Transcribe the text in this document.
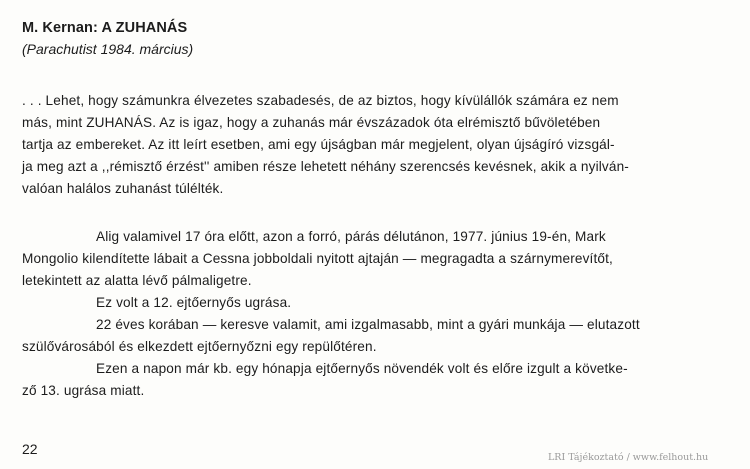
M. Kernan: A ZUHANÁS
(Parachutist 1984. március)
. . . Lehet, hogy számunkra élvezetes szabadesés, de az biztos, hogy kívülállók számára ez nem
más, mint ZUHANÁS. Az is igaz, hogy a zuhanás már évszázadok óta elrémisztő bűvöletében
tartja az embereket. Az itt leírt esetben, ami egy újságban már megjelent, olyan újságíró vizsgál-
ja meg azt a ,,rémisztő érzést'' amiben része lehetett néhány szerencsés kevésnek, akik a nyilván-
valóan halálos zuhanást túlélték.
Alig valamivel 17 óra előtt, azon a forró, párás délutánon, 1977. június 19-én, Mark
Mongolio kilendítette lábait a Cessna jobboldali nyitott ajtaján — megragadta a szárnymerevítőt,
letekintett az alatta lévő pálmaligetre.
Ez volt a 12. ejtőernyős ugrása.
22 éves korában — keresve valamit, ami izgalmasabb, mint a gyári munkája — elutazott
szülővárosából és elkezdett ejtőernyőzni egy repülőtéren.
Ezen a napon már kb. egy hónapja ejtőernyős növendék volt és előre izgult a követke-
ző 13. ugrása miatt.
22
LRI Tájékoztató / www.felhout.hu
